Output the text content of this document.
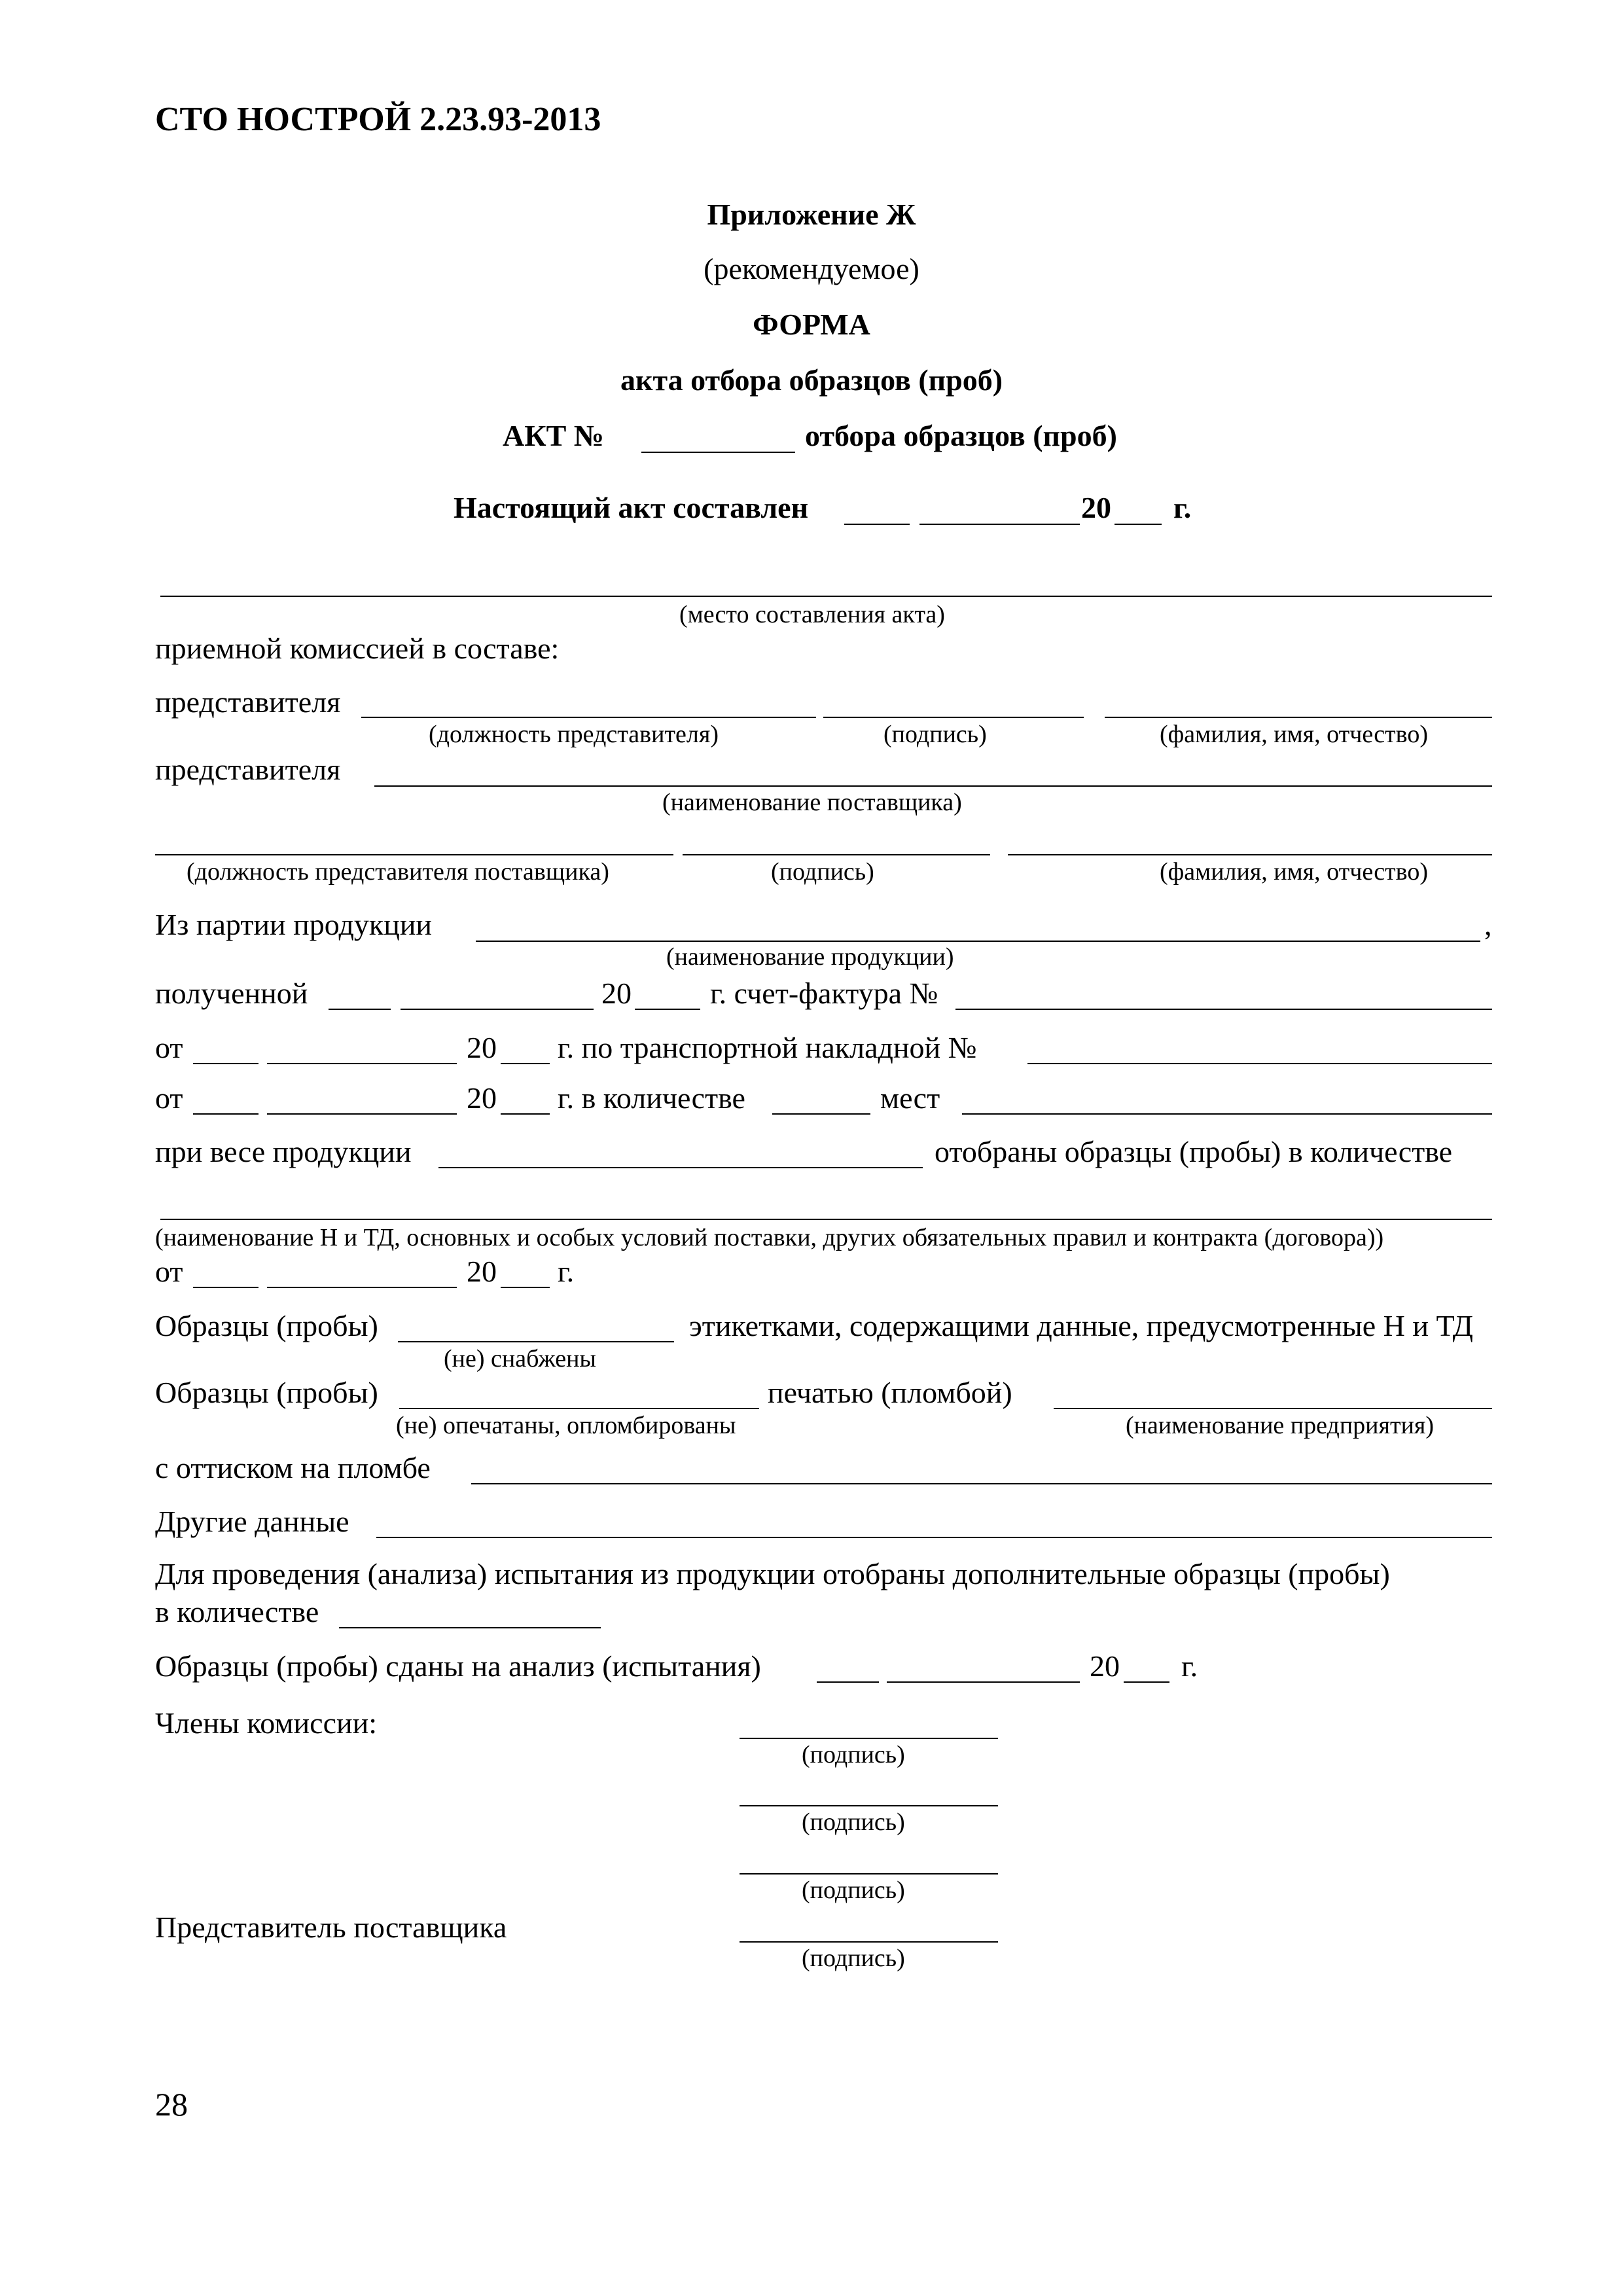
СТО НОСТРОЙ 2.23.93-2013
Приложение Ж
(рекомендуемое)
ФОРМА
акта отбора образцов (проб)
АКТ №	отбора образцов (проб)
Настоящий акт составлен	20 г.
(место составления акта)
приемной комиссией в составе:
представителя
(должность представителя)	(подпись)	(фамилия, имя, отчество)
представителя
(наименование поставщика)
(должность представителя поставщика)	(подпись)	(фамилия, имя, отчество)
Из партии продукции	,
(наименование продукции)
полученной	20	г. счет-фактура №
от	20 г. по транспортной накладной №
от	20 г. в количестве	мест
при весе продукции	отобраны образцы (пробы) в количестве
(наименование Н и ТД, основных и особых условий поставки, других обязательных правил и контракта (договора))
от	20 г.
Образцы (пробы)	этикетками, содержащими данные, предусмотренные Н и ТД
(не) снабжены
Образцы (пробы)	печатью (пломбой)
(не) опечатаны, опломбированы	(наименование предприятия)
с оттиском на пломбе
Другие данные
Для проведения (анализа) испытания из продукции отобраны дополнительные образцы (пробы)
в количестве
Образцы (пробы) сданы на анализ (испытания)	20 г.
Члены комиссии:
(подпись)
(подпись)
(подпись)
Представитель поставщика
(подпись)
28
